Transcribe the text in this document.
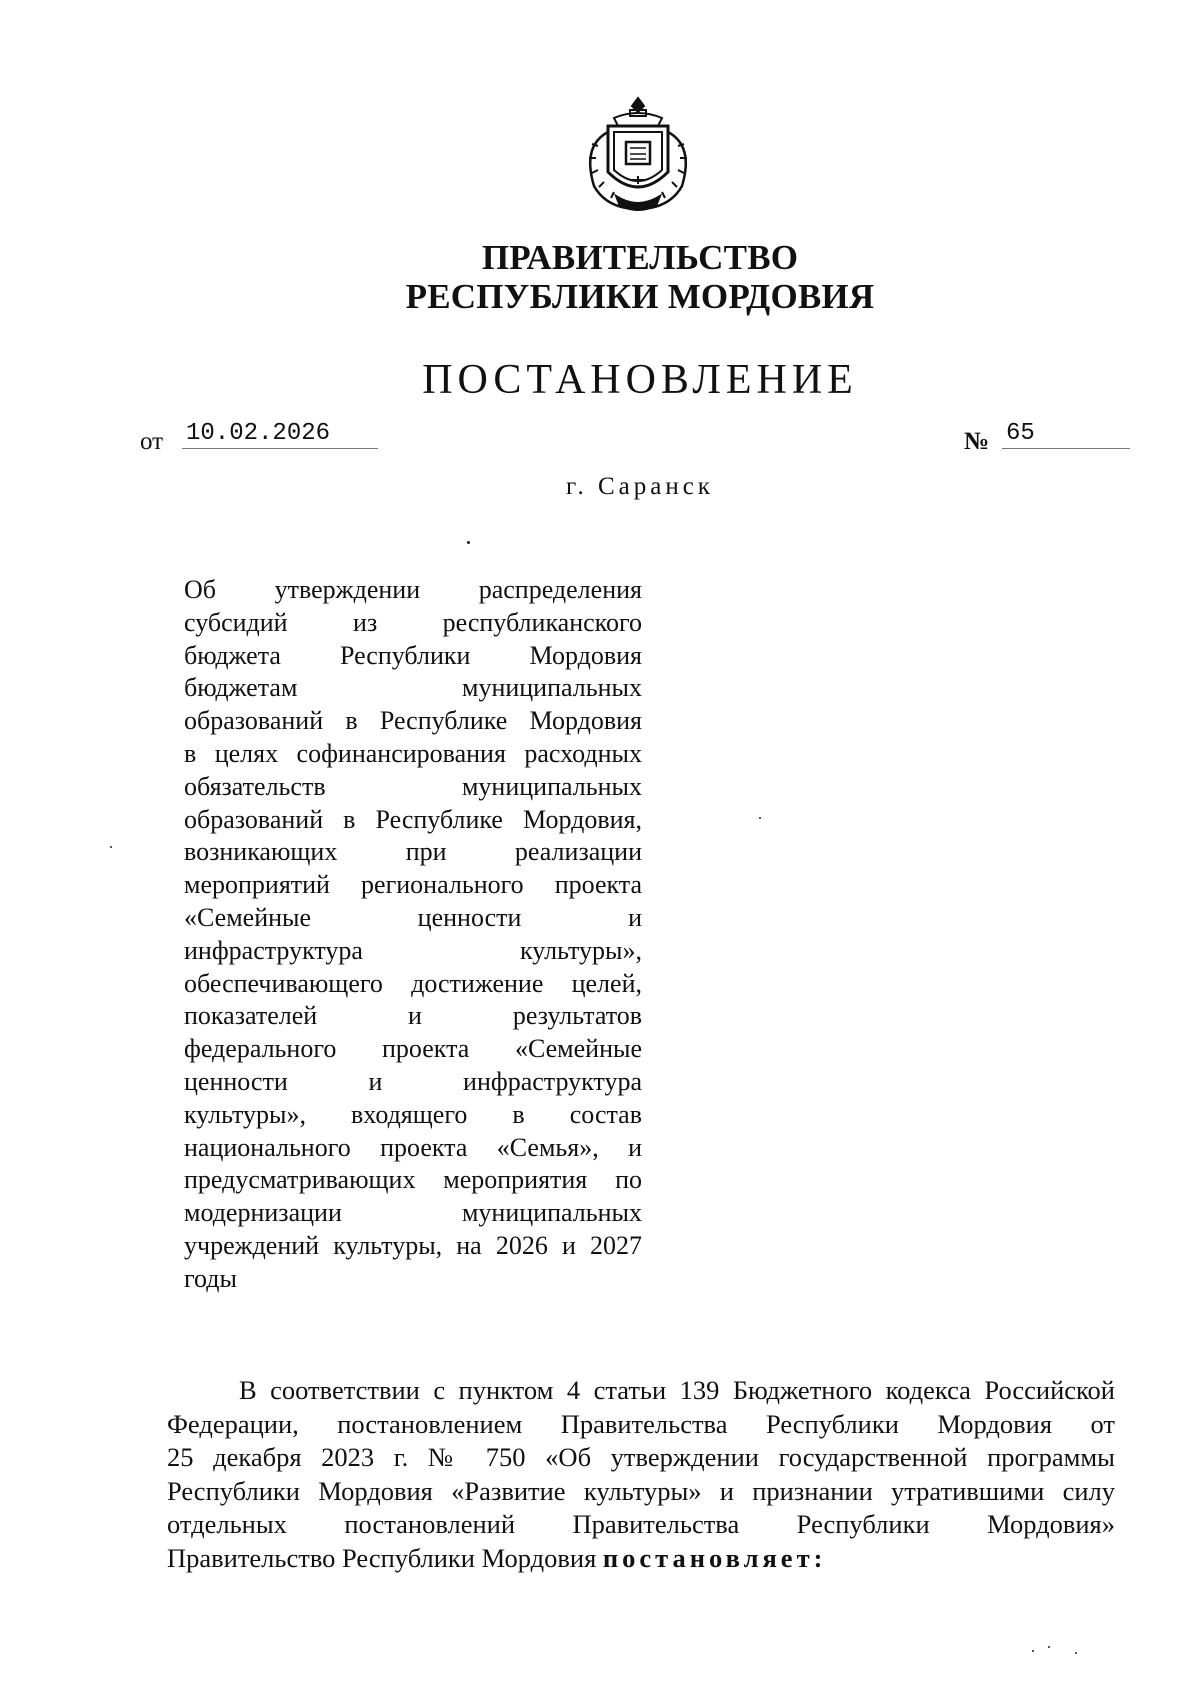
ПРАВИТЕЛЬСТВО
РЕСПУБЛИКИ МОРДОВИЯ
ПОСТАНОВЛЕНИЕ
от 10.02.2026	№ 65
г. Саранск
Об утверждении распределения
субсидий из республиканского
бюджета Республики Мордовия
бюджетам муниципальных
образований в Республике Мордовия
в целях софинансирования расходных
обязательств муниципальных
образований в Республике Мордовия,
возникающих при реализации
мероприятий регионального проекта
«Семейные ценности и
инфраструктура культуры»,
обеспечивающего достижение целей,
показателей и результатов
федерального проекта «Семейные
ценности и инфраструктура
культуры», входящего в состав
национального проекта «Семья», и
предусматривающих мероприятия по
модернизации муниципальных
учреждений культуры, на 2026 и 2027
годы
В соответствии с пунктом 4 статьи 139 Бюджетного кодекса Российской
Федерации, постановлением Правительства Республики Мордовия от
25 декабря 2023 г. № 750 «Об утверждении государственной программы
Республики Мордовия «Развитие культуры» и признании утратившими силу
отдельных постановлений Правительства Республики Мордовия»
Правительство Республики Мордовия постановляет:
